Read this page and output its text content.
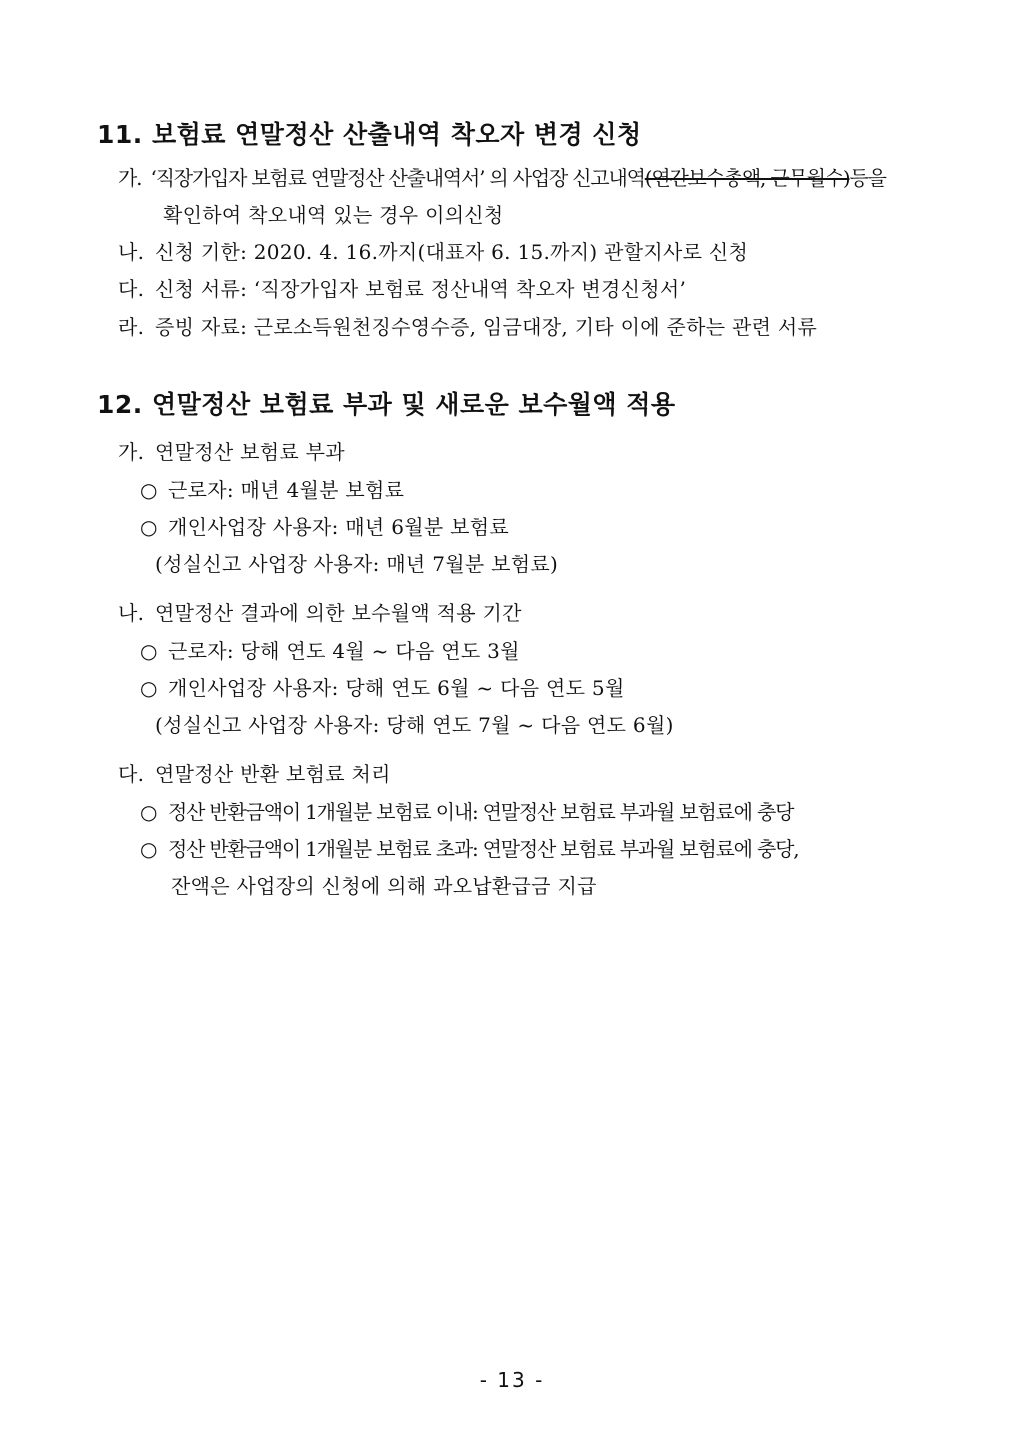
11. 보험료 연말정산 산출내역 착오자 변경 신청
가. ‘직장가입자 보험료 연말정산 산출내역서’ 의 사업장 신고내역(연간보수총액, 근무월수)등을
확인하여 착오내역 있는 경우 이의신청
나. 신청 기한: 2020. 4. 16.까지(대표자 6. 15.까지) 관할지사로 신청
다. 신청 서류: ‘직장가입자 보험료 정산내역 착오자 변경신청서’
라. 증빙 자료: 근로소득원천징수영수증, 임금대장, 기타 이에 준하는 관련 서류
12. 연말정산 보험료 부과 및 새로운 보수월액 적용
가. 연말정산 보험료 부과
○ 근로자: 매년 4월분 보험료
○ 개인사업장 사용자: 매년 6월분 보험료
(성실신고 사업장 사용자: 매년 7월분 보험료)
나. 연말정산 결과에 의한 보수월액 적용 기간
○ 근로자: 당해 연도 4월 ~ 다음 연도 3월
○ 개인사업장 사용자: 당해 연도 6월 ~ 다음 연도 5월
(성실신고 사업장 사용자: 당해 연도 7월 ~ 다음 연도 6월)
다. 연말정산 반환 보험료 처리
○ 정산 반환금액이 1개월분 보험료 이내: 연말정산 보험료 부과월 보험료에 충당
○ 정산 반환금액이 1개월분 보험료 초과: 연말정산 보험료 부과월 보험료에 충당,
잔액은 사업장의 신청에 의해 과오납환급금 지급
- 13 -
